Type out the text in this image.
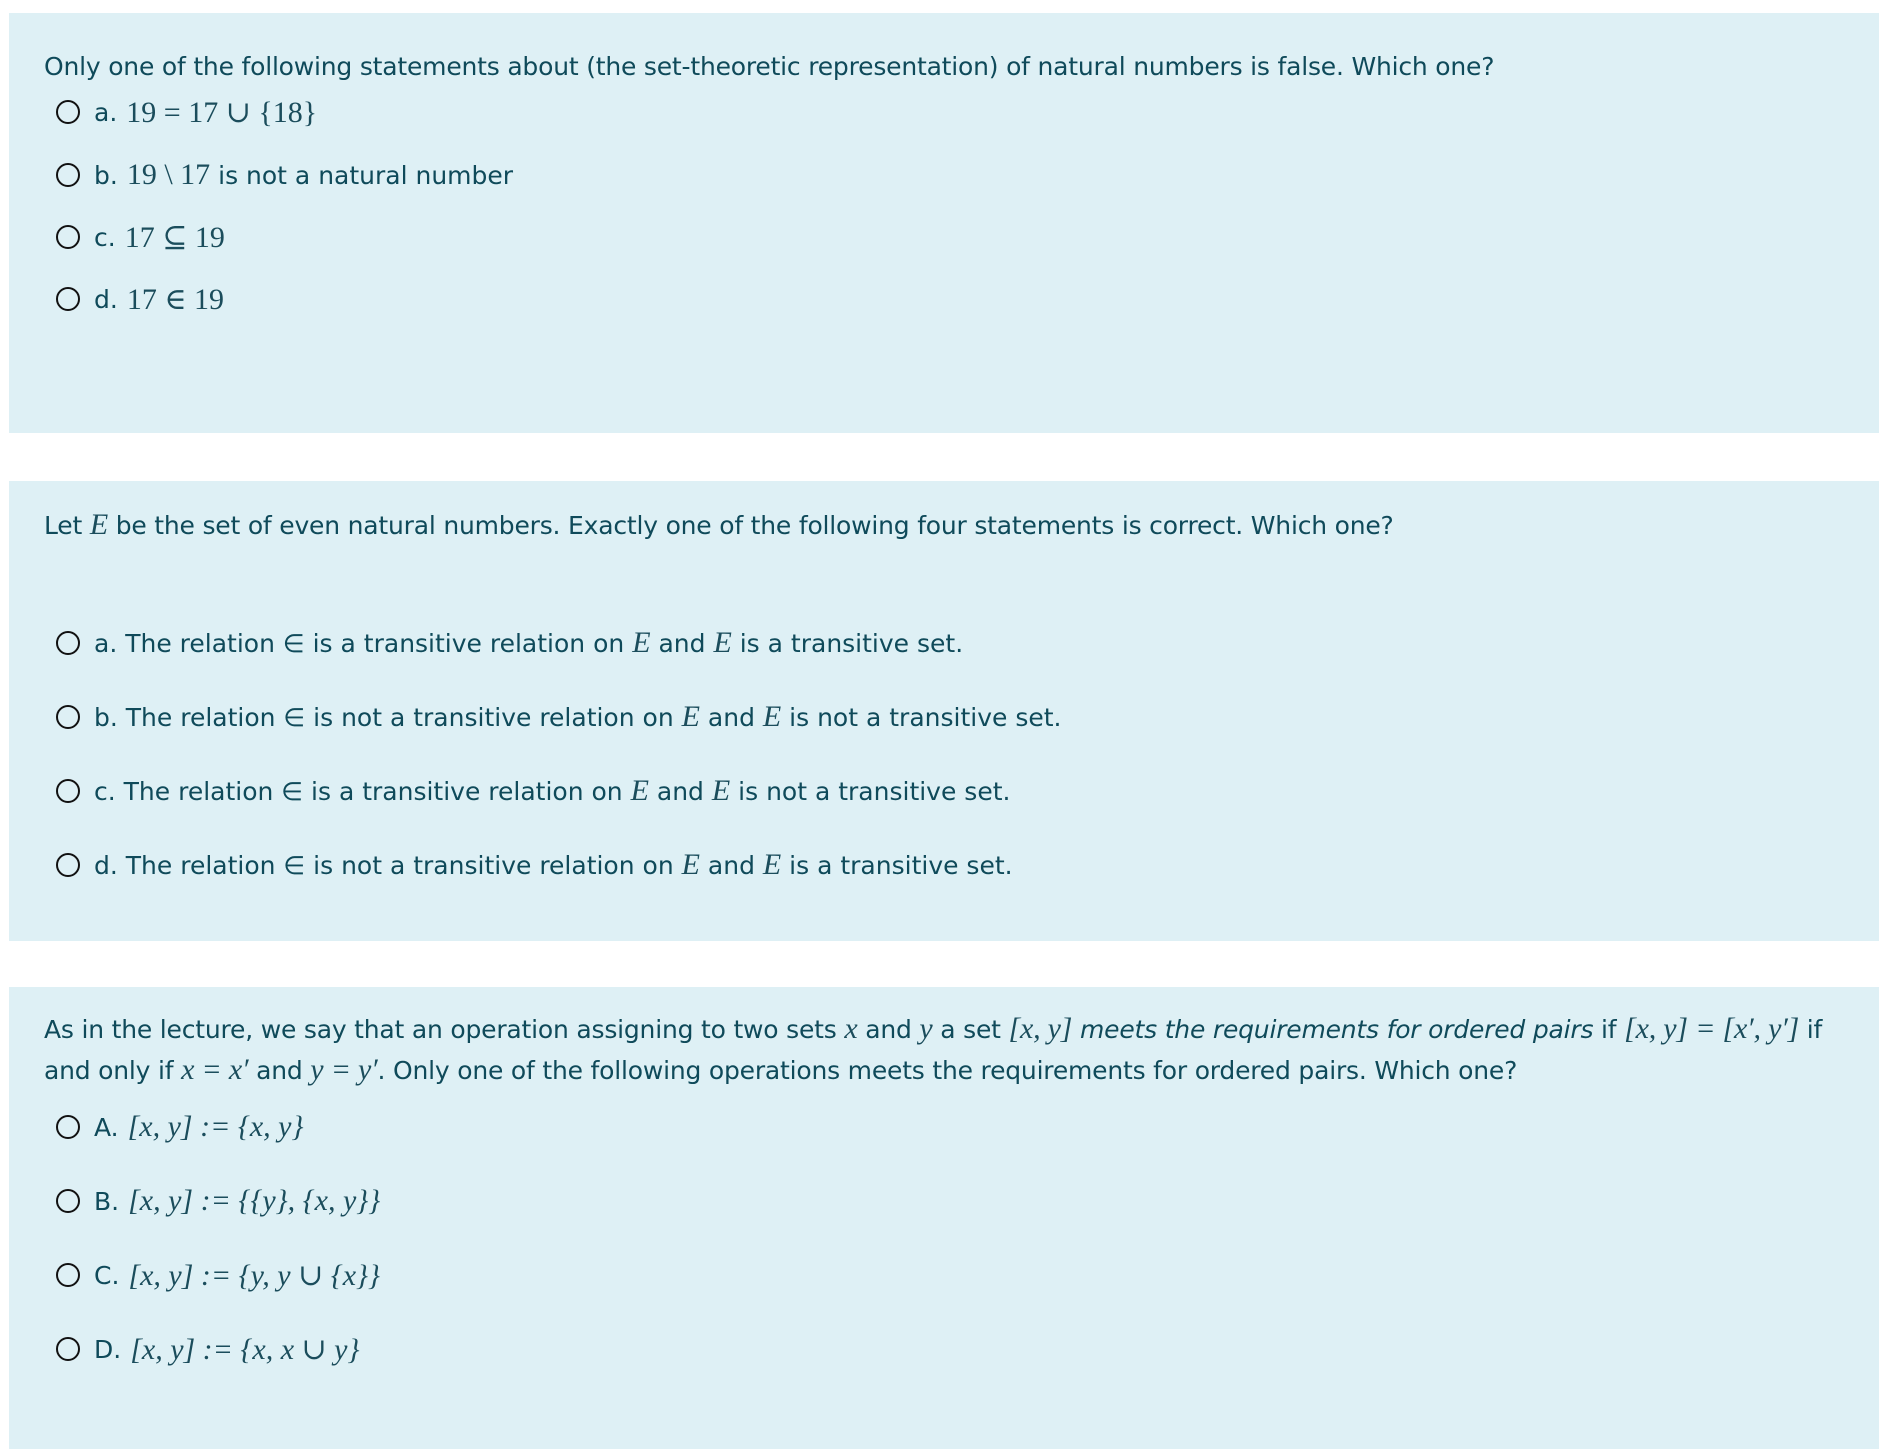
Only one of the following statements about (the set-theoretic representation) of natural numbers is false. Which one?
a. 19 = 17 ∪ {18}
b. 19 \ 17 is not a natural number
c. 17 ⊆ 19
d. 17 ∈ 19
Let E be the set of even natural numbers. Exactly one of the following four statements is correct. Which one?
a. The relation ∈ is a transitive relation on E and E is a transitive set.
b. The relation ∈ is not a transitive relation on E and E is not a transitive set.
c. The relation ∈ is a transitive relation on E and E is not a transitive set.
d. The relation ∈ is not a transitive relation on E and E is a transitive set.
As in the lecture, we say that an operation assigning to two sets x and y a set [x, y] meets the requirements for ordered pairs if [x, y] = [x′, y′] if and only if x = x′ and y = y′. Only one of the following operations meets the requirements for ordered pairs. Which one?
A. [x, y] := {x, y}
B. [x, y] := {{y}, {x, y}}
C. [x, y] := {y, y ∪ {x}}
D. [x, y] := {x, x ∪ y}
